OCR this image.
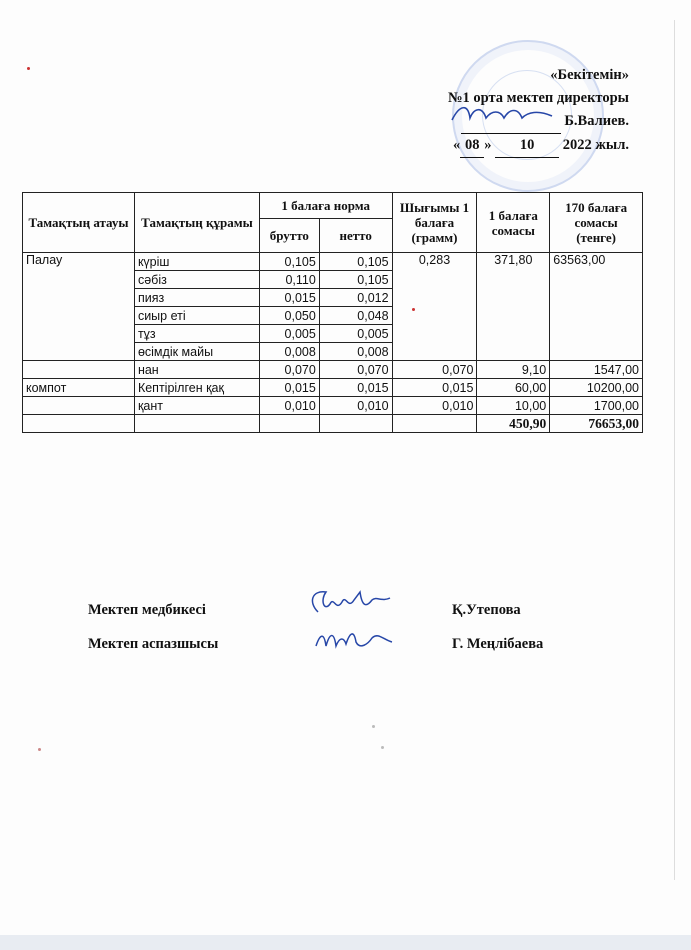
«Бекітемін»
№1 орта мектеп директоры
Б.Валиев.
« 08 » 10 2022 жыл.
Тамақтың атауы	Тамақтың құрамы	1 балаға норма		Шығымы 1 балаға (грамм)	1 балаға сомасы	170 балаға сомасы (тенге)
		брутто	нетто			
Палау	күріш	0,105	0,105	0,283	371,80	63563,00
	сәбіз	0,110	0,105			
	пияз	0,015	0,012			
	сиыр еті	0,050	0,048			
	тұз	0,005	0,005			
	өсімдік майы	0,008	0,008			
	нан	0,070	0,070	0,070	9,10	1547,00
компот	Кептірілген қақ	0,015	0,015	0,015	60,00	10200,00
	қант	0,010	0,010	0,010	10,00	1700,00
					450,90	76653,00
Мектеп медбикесі	Қ.Утепова
Мектеп аспазшысы	Г. Меңлібаева
